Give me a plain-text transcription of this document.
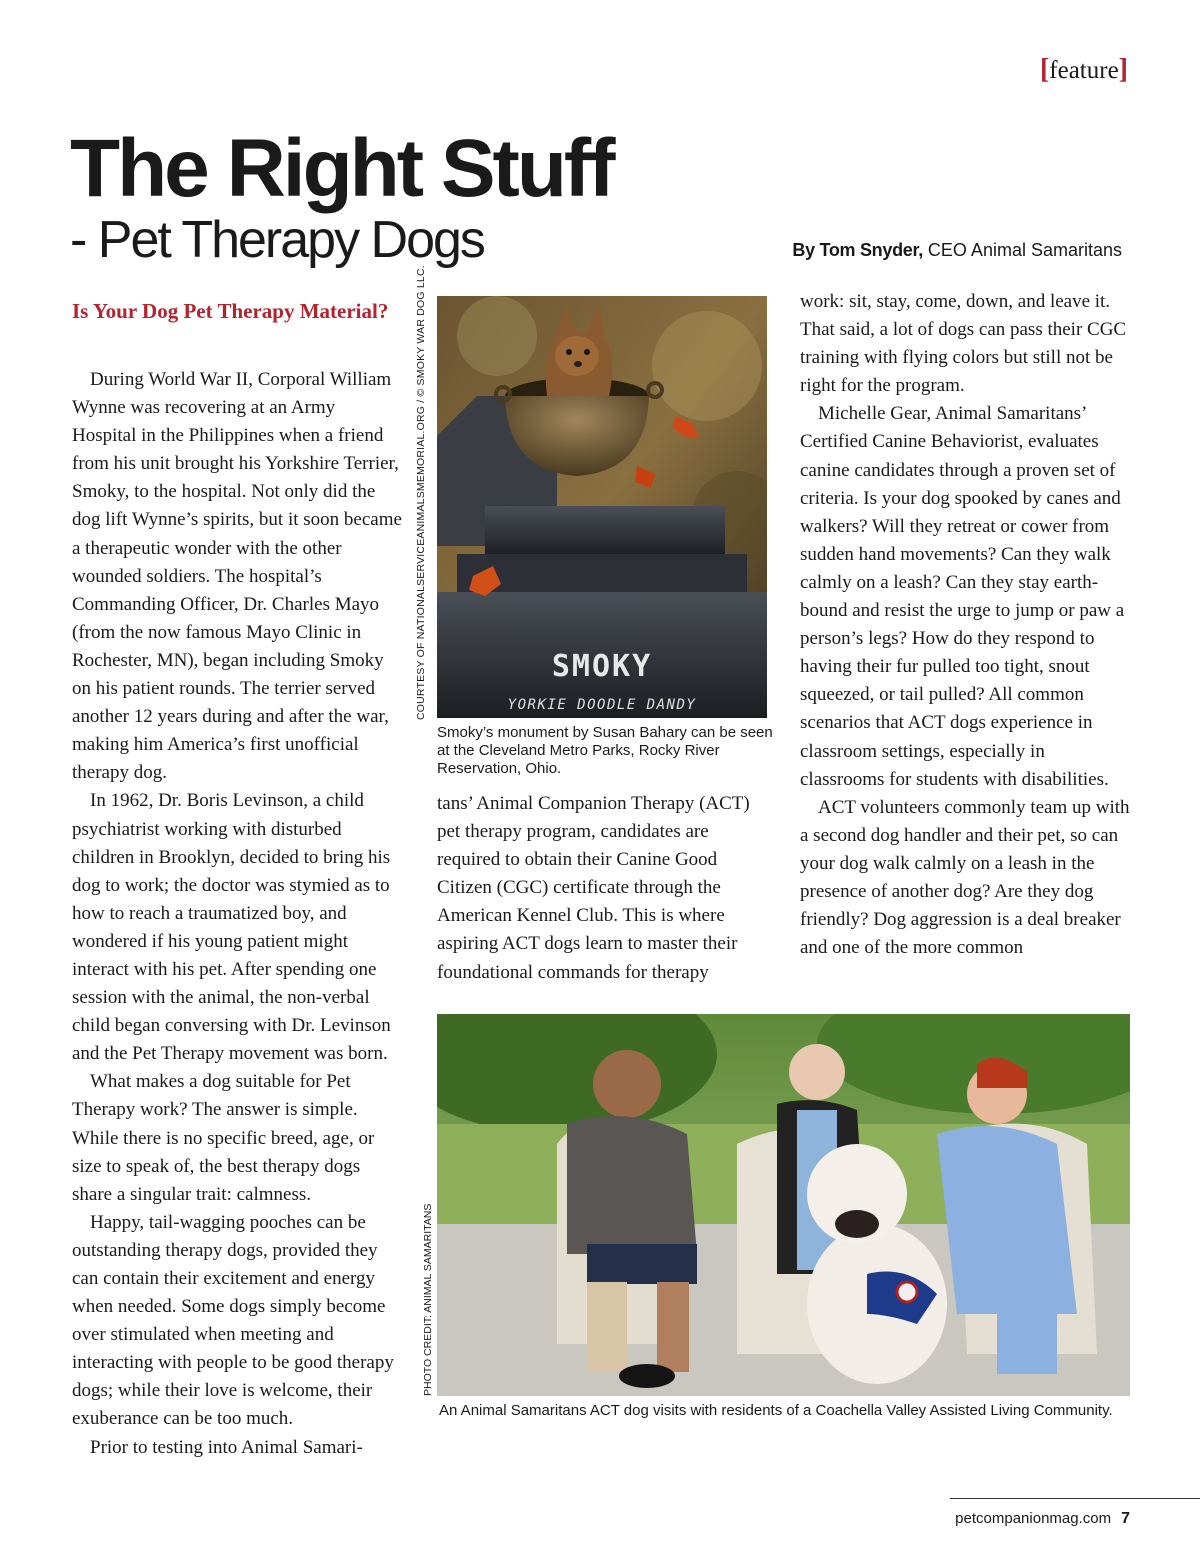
[feature]
The Right Stuff
- Pet Therapy Dogs	By Tom Snyder, CEO Animal Samaritans
Is Your Dog Pet Therapy Material?

During World War II, Corporal William Wynne was recovering at an Army Hospital in the Philippines when a friend from his unit brought his Yorkshire Terrier, Smoky, to the hospital. Not only did the dog lift Wynne’s spirits, but it soon became a therapeutic wonder with the other wounded soldiers. The hospital’s Commanding Officer, Dr. Charles Mayo (from the now famous Mayo Clinic in Rochester, MN), began including Smoky on his patient rounds. The terrier served another 12 years during and after the war, making him America’s first unofficial therapy dog.

In 1962, Dr. Boris Levinson, a child psychiatrist working with disturbed children in Brooklyn, decided to bring his dog to work; the doctor was stymied as to how to reach a traumatized boy, and wondered if his young patient might interact with his pet. After spending one session with the animal, the non-verbal child began conversing with Dr. Levinson and the Pet Therapy movement was born.

What makes a dog suitable for Pet Therapy work? The answer is simple. While there is no specific breed, age, or size to speak of, the best therapy dogs share a singular trait: calmness.

Happy, tail-wagging pooches can be outstanding therapy dogs, provided they can contain their excitement and energy when needed. Some dogs simply become over stimulated when meeting and interacting with people to be good therapy dogs; while their love is welcome, their exuberance can be too much.

Prior to testing into Animal Samari-

SMOKY
YORKIE DOODLE DANDY
COURTESY OF NATIONALSERVICEANIMALSMEMORIAL.ORG / © SMOKY WAR DOG LLC.
Smoky’s monument by Susan Bahary can be seen at the Cleveland Metro Parks, Rocky River Reservation, Ohio.

tans’ Animal Companion Therapy (ACT) pet therapy program, candidates are required to obtain their Canine Good Citizen (CGC) certificate through the American Kennel Club. This is where aspiring ACT dogs learn to master their foundational commands for therapy

work: sit, stay, come, down, and leave it. That said, a lot of dogs can pass their CGC training with flying colors but still not be right for the program.

Michelle Gear, Animal Samaritans’ Certified Canine Behaviorist, evaluates canine candidates through a proven set of criteria. Is your dog spooked by canes and walkers? Will they retreat or cower from sudden hand movements? Can they walk calmly on a leash? Can they stay earth-bound and resist the urge to jump or paw a person’s legs? How do they respond to having their fur pulled too tight, snout squeezed, or tail pulled? All common scenarios that ACT dogs experience in classroom settings, especially in classrooms for students with disabilities.

ACT volunteers commonly team up with a second dog handler and their pet, so can your dog walk calmly on a leash in the presence of another dog? Are they dog friendly? Dog aggression is a deal breaker and one of the more common

PHOTO CREDIT: ANIMAL SAMARITANS
An Animal Samaritans ACT dog visits with residents of a Coachella Valley Assisted Living Community.
petcompanionmag.com 7
